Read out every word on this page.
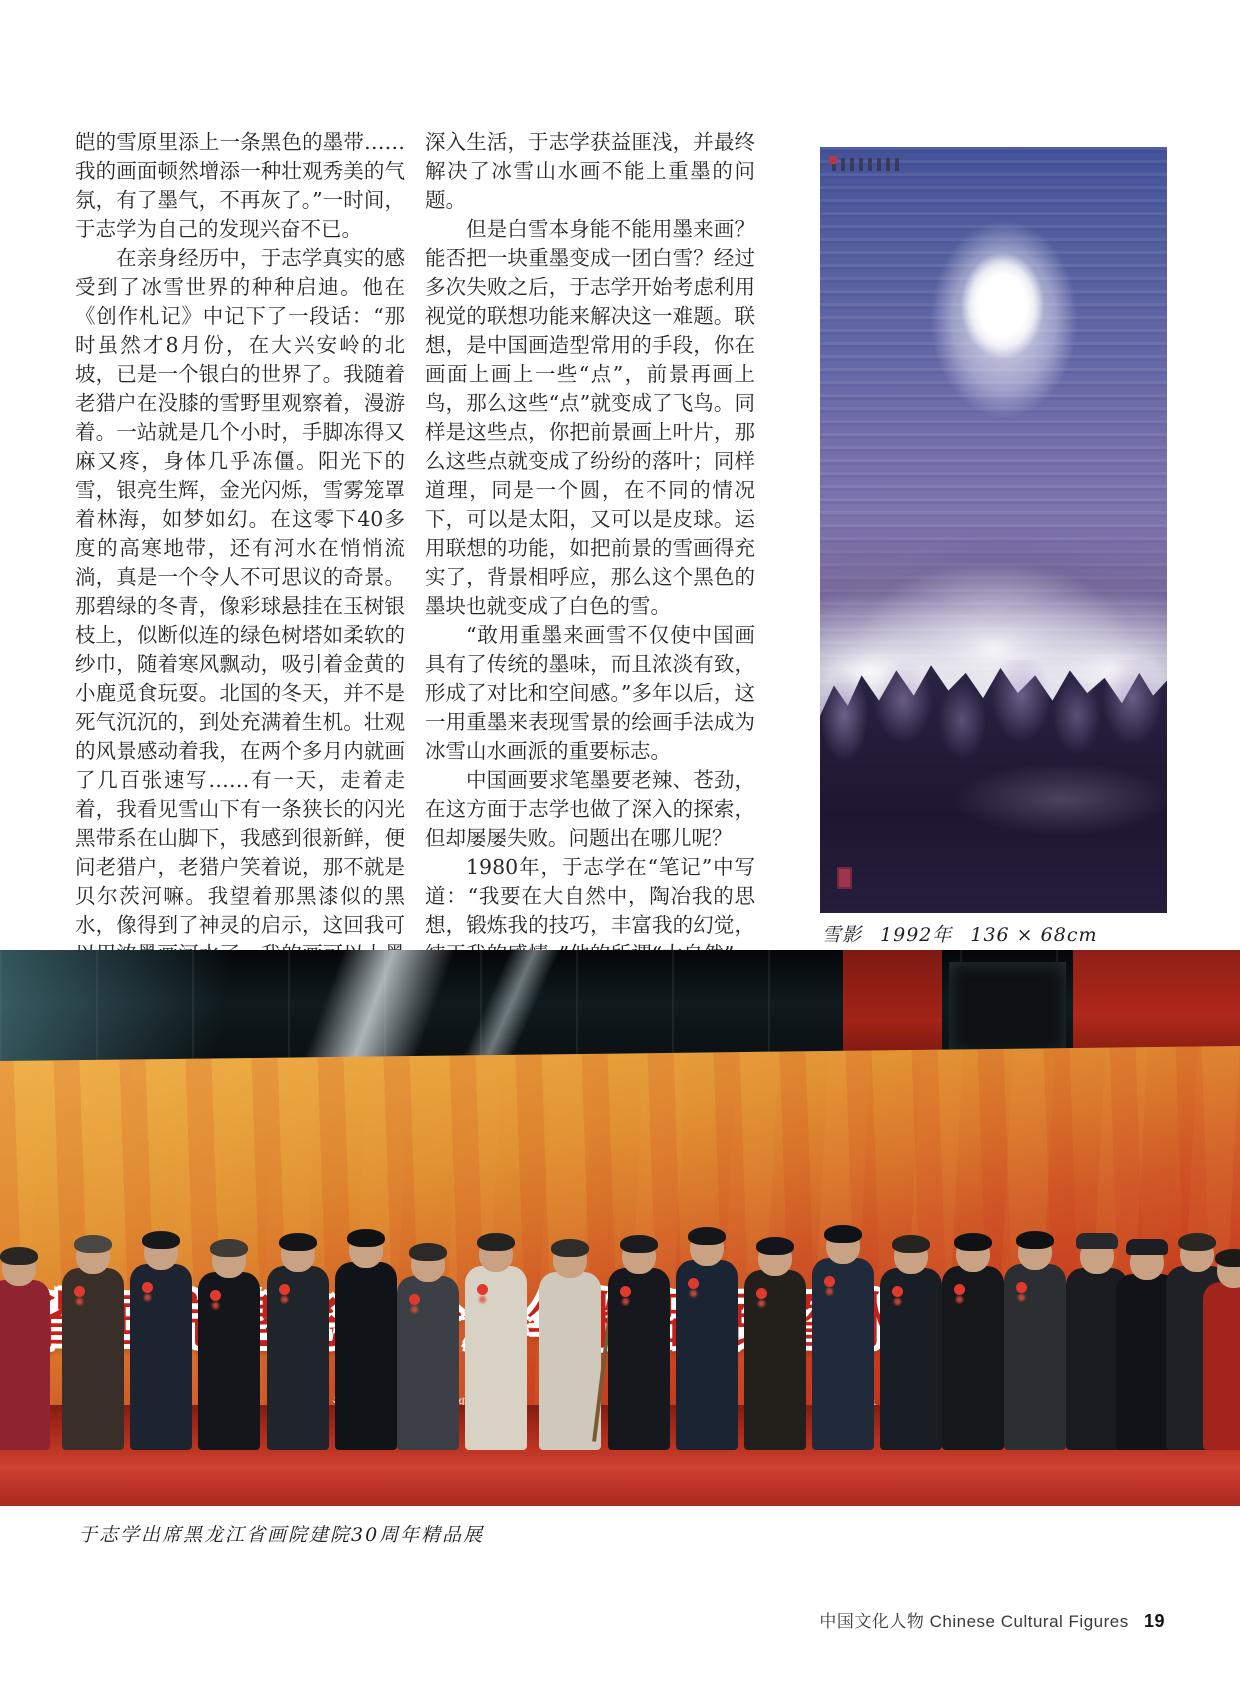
皑的雪原里添上一条黑色的墨带……我的画面顿然增添一种壮观秀美的气氛，有了墨气，不再灰了。”一时间，于志学为自己的发现兴奋不已。

在亲身经历中，于志学真实的感受到了冰雪世界的种种启迪。他在《创作札记》中记下了一段话：“那时虽然才8月份，在大兴安岭的北坡，已是一个银白的世界了。我随着老猎户在没膝的雪野里观察着，漫游着。一站就是几个小时，手脚冻得又麻又疼，身体几乎冻僵。阳光下的雪，银亮生辉，金光闪烁，雪雾笼罩着林海，如梦如幻。在这零下40多度的高寒地带，还有河水在悄悄流淌，真是一个令人不可思议的奇景。那碧绿的冬青，像彩球悬挂在玉树银枝上，似断似连的绿色树塔如柔软的纱巾，随着寒风飘动，吸引着金黄的小鹿觅食玩耍。北国的冬天，并不是死气沉沉的，到处充满着生机。壮观的风景感动着我，在两个多月内就画了几百张速写……有一天，走着走着，我看见雪山下有一条狭长的闪光黑带系在山脚下，我感到很新鲜，便问老猎户，老猎户笑着说，那不就是贝尔茨河嘛。我望着那黑漆似的黑水，像得到了神灵的启示，这回我可

深入生活，于志学获益匪浅，并最终解决了冰雪山水画不能上重墨的问题。

但是白雪本身能不能用墨来画？能否把一块重墨变成一团白雪？经过多次失败之后，于志学开始考虑利用视觉的联想功能来解决这一难题。联想，是中国画造型常用的手段，你在画面上画上一些“点”，前景再画上鸟，那么这些“点”就变成了飞鸟。同样是这些点，你把前景画上叶片，那么这些点就变成了纷纷的落叶；同样道理，同是一个圆，在不同的情况下，可以是太阳，又可以是皮球。运用联想的功能，如把前景的雪画得充实了，背景相呼应，那么这个黑色的墨块也就变成了白色的雪。

“敢用重墨来画雪不仅使中国画具有了传统的墨味，而且浓淡有致，形成了对比和空间感。”多年以后，这一用重墨来表现雪景的绘画手法成为冰雪山水画派的重要标志。

中国画要求笔墨要老辣、苍劲，在这方面于志学也做了深入的探索，但却屡屡失败。问题出在哪儿呢？

1980年，于志学在“笔记”中写道：“我要在大自然中，陶冶我的思想，锻炼我的技巧，丰富我的幻觉，	雪影 1992年 136 × 68cm
于志学出席黑龙江省画院建院30周年精品展
中国文化人物 Chinese Cultural Figures 19
